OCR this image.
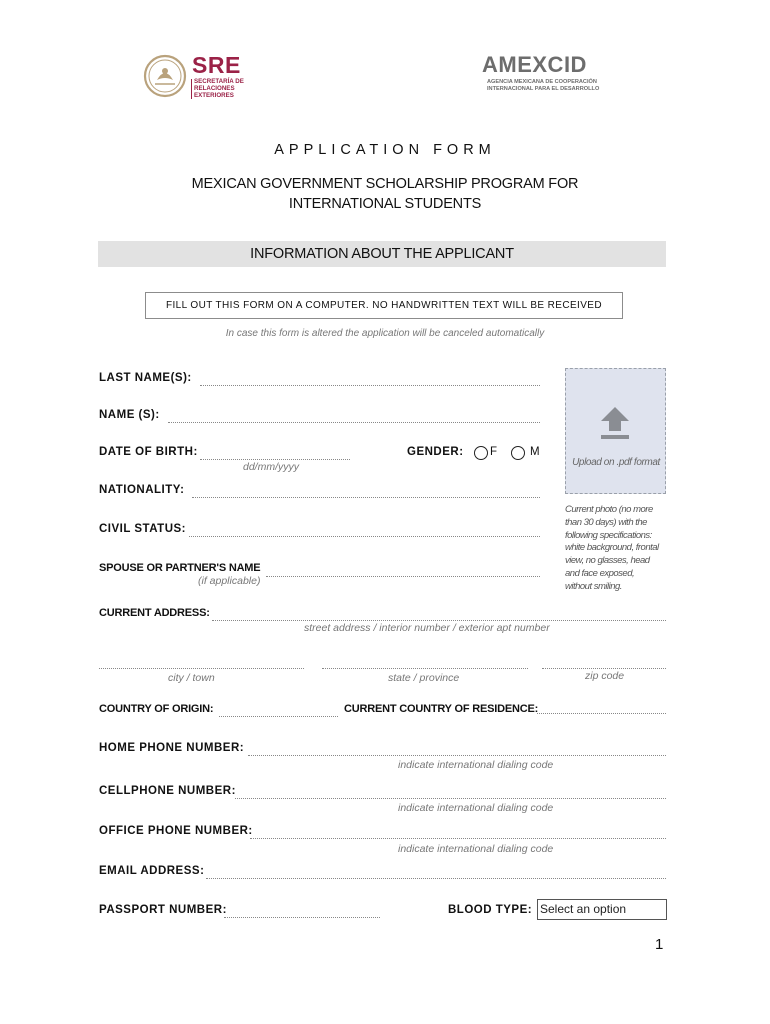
SRE
SECRETARÍA DE
RELACIONES
EXTERIORES
AMEXCID
AGENCIA MEXICANA DE COOPERACIÓN
INTERNACIONAL PARA EL DESARROLLO
APPLICATION FORM
MEXICAN GOVERNMENT SCHOLARSHIP PROGRAM FOR
INTERNATIONAL STUDENTS
INFORMATION ABOUT THE APPLICANT
FILL OUT THIS FORM ON A COMPUTER. NO HANDWRITTEN TEXT WILL BE RECEIVED
In case this form is altered the application will be canceled automatically
Upload on .pdf format
Current photo (no more
than 30 days) with the
following specifications:
white background, frontal
view, no glasses, head
and face exposed,
without smiling.
LAST NAME(S):
NAME (S):
DATE OF BIRTH:
dd/mm/yyyy
GENDER: F	M
NATIONALITY:
CIVIL STATUS:
SPOUSE OR PARTNER'S NAME
(if applicable)
CURRENT ADDRESS:
street address / interior number / exterior apt number
city / town	state / province	zip code
COUNTRY OF ORIGIN:	CURRENT COUNTRY OF RESIDENCE:
HOME PHONE NUMBER:
indicate international dialing code
CELLPHONE NUMBER:
indicate international dialing code
OFFICE PHONE NUMBER:
indicate international dialing code
EMAIL ADDRESS:
PASSPORT NUMBER:	BLOOD TYPE: Select an option
1
